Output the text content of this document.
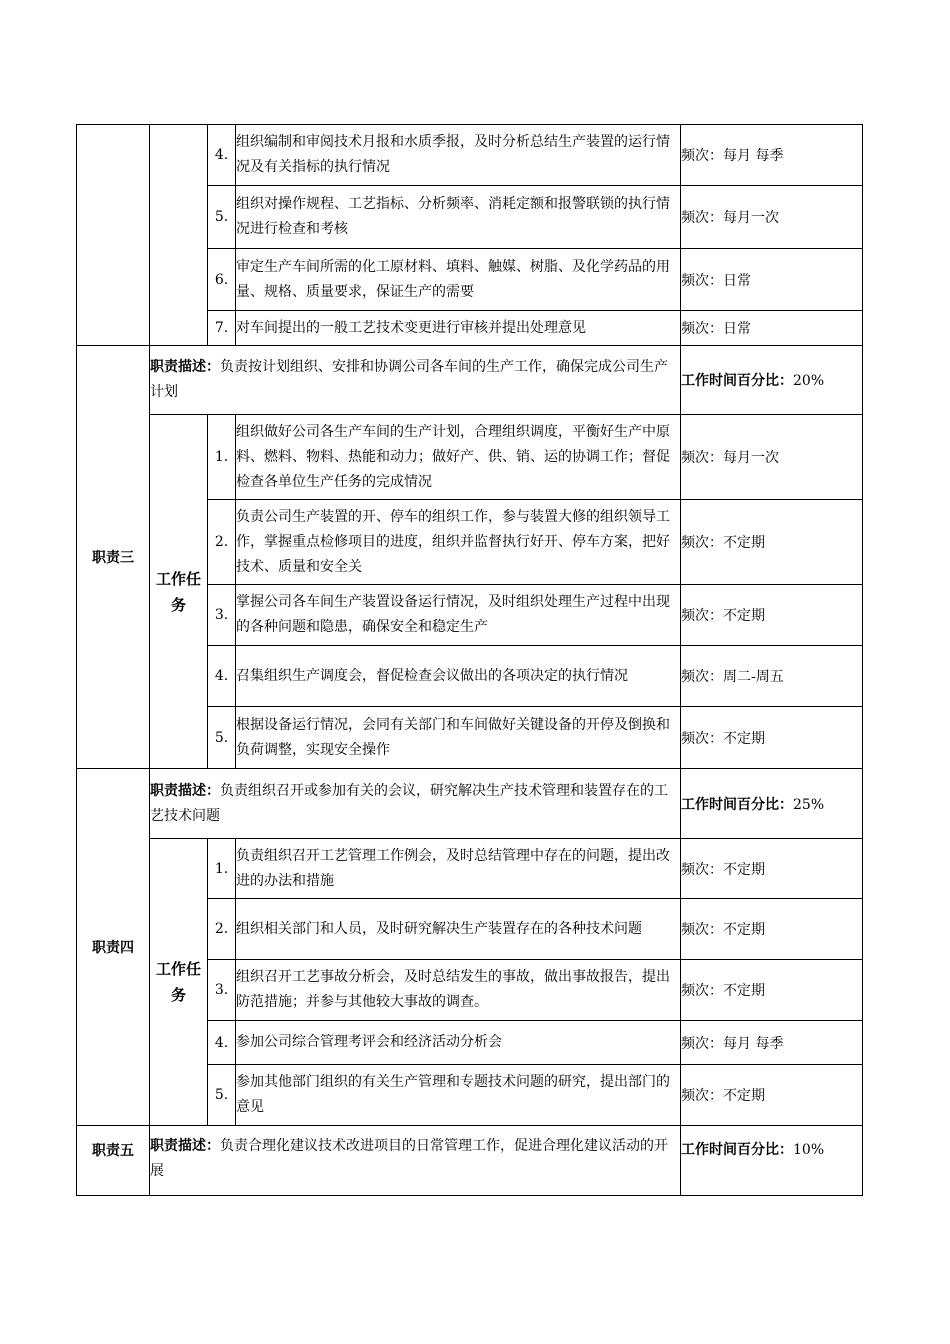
		4.	组织编制和审阅技术月报和水质季报，及时分析总结生产装置的运行情况及有关指标的执行情况	频次：每月 每季
		5.	组织对操作规程、工艺指标、分析频率、消耗定额和报警联锁的执行情况进行检查和考核	频次：每月一次
		6.	审定生产车间所需的化工原材料、填料、触媒、树脂、及化学药品的用量、规格、质量要求，保证生产的需要	频次：日常
		7.	对车间提出的一般工艺技术变更进行审核并提出处理意见	频次：日常
职责三	职责描述：负责按计划组织、安排和协调公司各车间的生产工作，确保完成公司生产计划			工作时间百分比：20%
	工作任务	1.	组织做好公司各生产车间的生产计划，合理组织调度，平衡好生产中原料、燃料、物料、热能和动力；做好产、供、销、运的协调工作；督促检查各单位生产任务的完成情况	频次：每月一次
		2.	负责公司生产装置的开、停车的组织工作，参与装置大修的组织领导工作，掌握重点检修项目的进度，组织并监督执行好开、停车方案，把好技术、质量和安全关	频次：不定期
		3.	掌握公司各车间生产装置设备运行情况，及时组织处理生产过程中出现的各种问题和隐患，确保安全和稳定生产	频次：不定期
		4.	召集组织生产调度会，督促检查会议做出的各项决定的执行情况	频次：周二-周五
		5.	根据设备运行情况，会同有关部门和车间做好关键设备的开停及倒换和负荷调整，实现安全操作	频次：不定期
职责四	职责描述：负责组织召开或参加有关的会议，研究解决生产技术管理和装置存在的工艺技术问题			工作时间百分比：25%
	工作任务	1.	负责组织召开工艺管理工作例会，及时总结管理中存在的问题，提出改进的办法和措施	频次：不定期
		2.	组织相关部门和人员，及时研究解决生产装置存在的各种技术问题	频次：不定期
		3.	组织召开工艺事故分析会，及时总结发生的事故，做出事故报告，提出防范措施；并参与其他较大事故的调查。	频次：不定期
		4.	参加公司综合管理考评会和经济活动分析会	频次：每月 每季
		5.	参加其他部门组织的有关生产管理和专题技术问题的研究，提出部门的意见	频次：不定期
职责五	职责描述：负责合理化建议技术改进项目的日常管理工作，促进合理化建议活动的开展			工作时间百分比：10%
